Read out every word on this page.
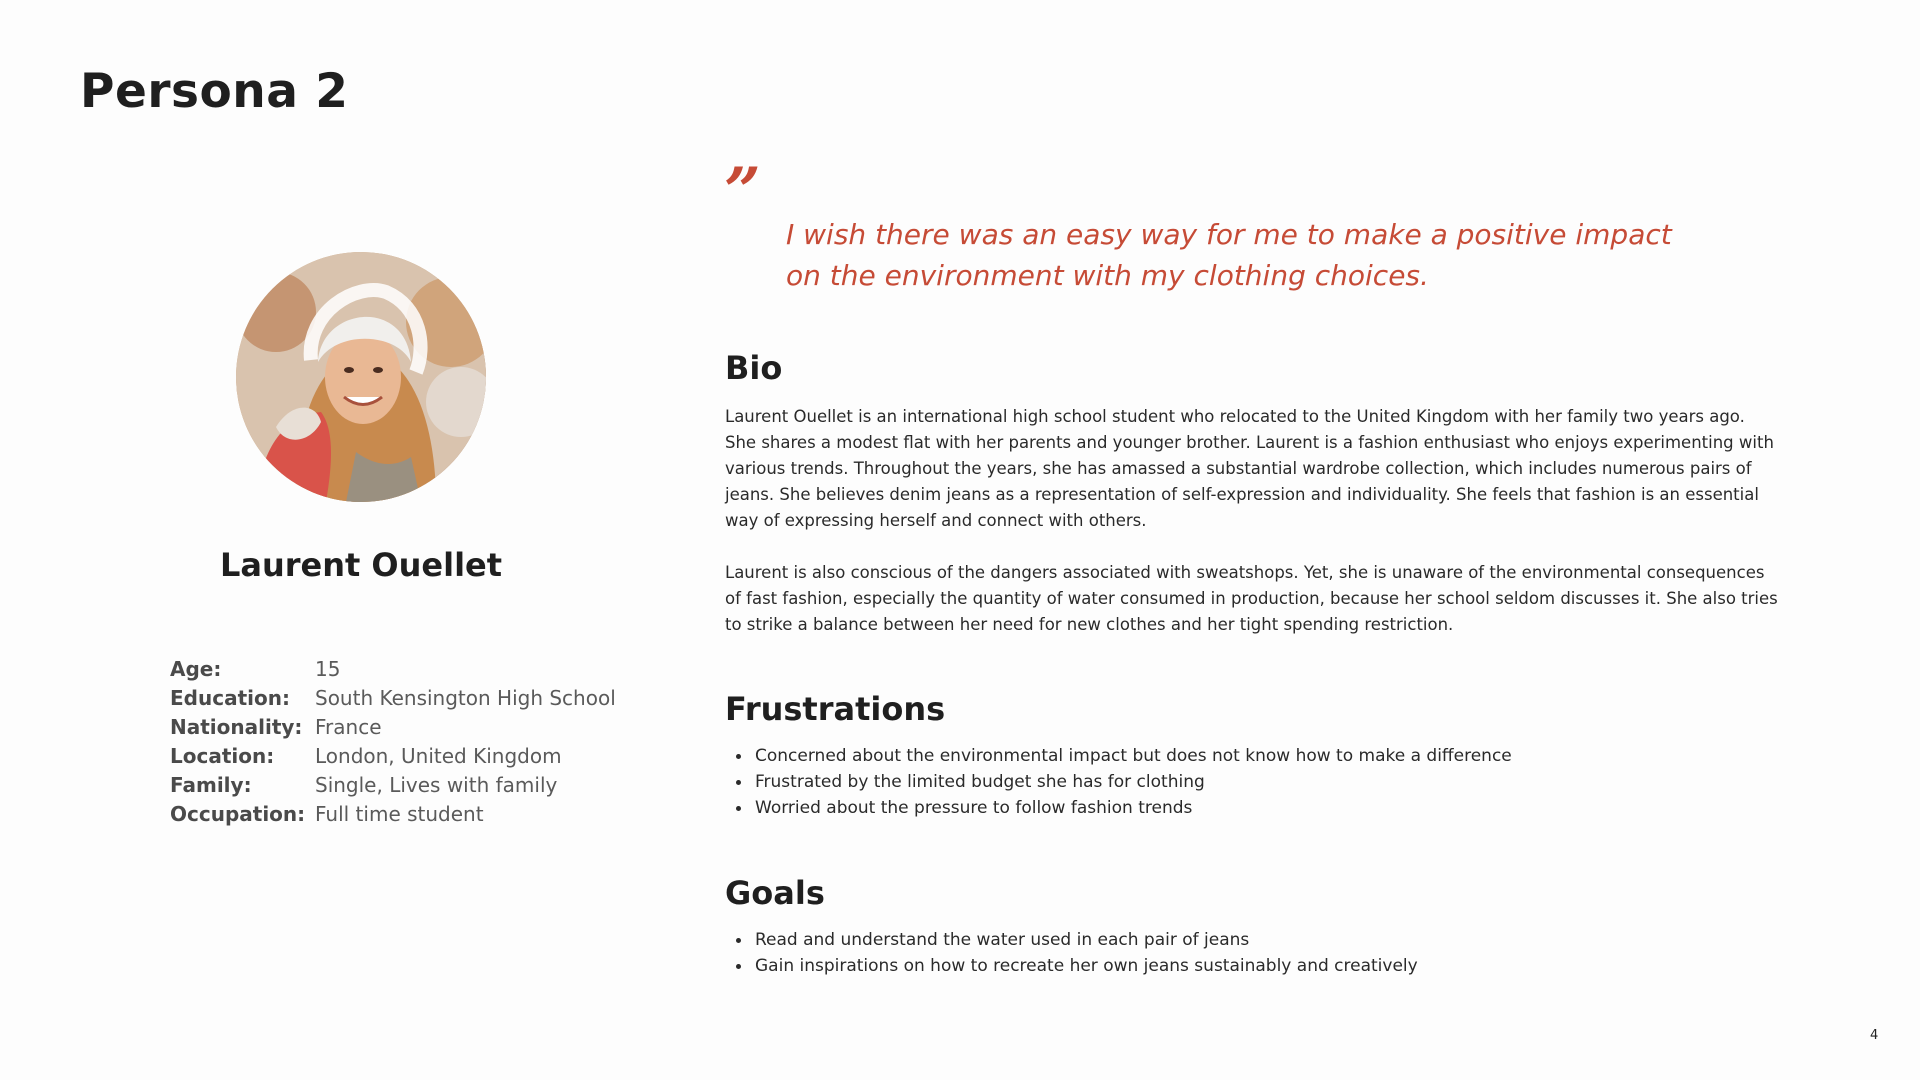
Persona 2
Laurent Ouellet
Age:	15
Education:	South Kensington High School
Nationality:	France
Location:	London, United Kingdom
Family:	Single, Lives with family
Occupation:	Full time student
”
I wish there was an easy way for me to make a positive impact on the environment with my clothing choices.
Bio

Laurent Ouellet is an international high school student who relocated to the United Kingdom with her family two years ago. She shares a modest flat with her parents and younger brother. Laurent is a fashion enthusiast who enjoys experimenting with various trends. Throughout the years, she has amassed a substantial wardrobe collection, which includes numerous pairs of jeans. She believes denim jeans as a representation of self-expression and individuality. She feels that fashion is an essential way of expressing herself and connect with others.

Laurent is also conscious of the dangers associated with sweatshops. Yet, she is unaware of the environmental consequences of fast fashion, especially the quantity of water consumed in production, because her school seldom discusses it. She also tries to strike a balance between her need for new clothes and her tight spending restriction.

Frustrations
Concerned about the environmental impact but does not know how to make a difference
Frustrated by the limited budget she has for clothing
Worried about the pressure to follow fashion trends
Goals
Read and understand the water used in each pair of jeans
Gain inspirations on how to recreate her own jeans sustainably and creatively
4
